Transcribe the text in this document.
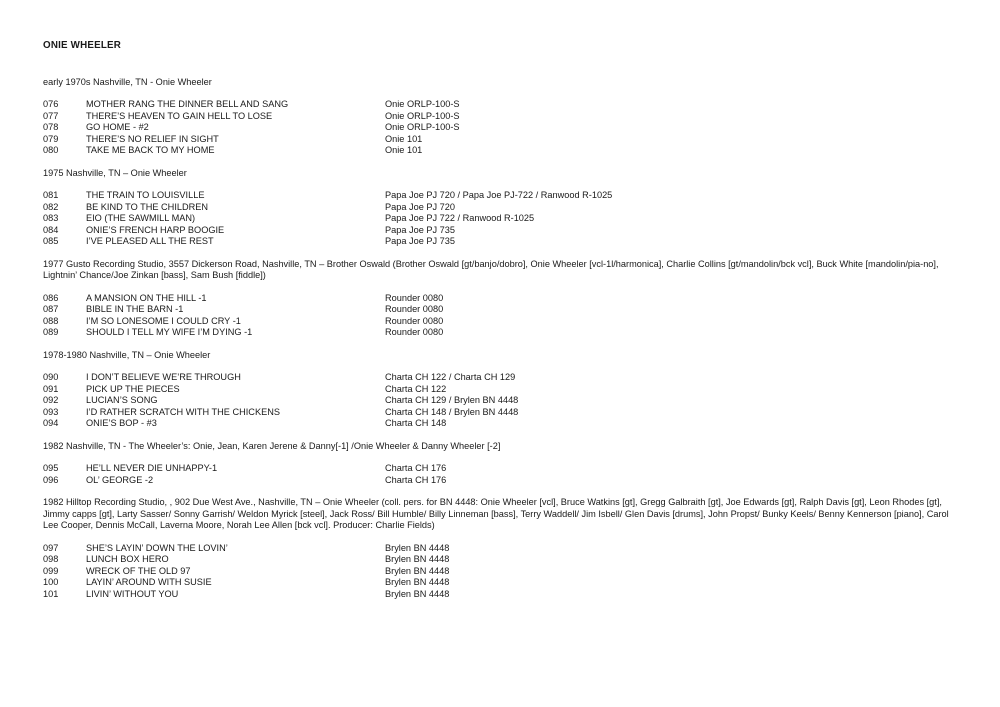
ONIE WHEELER
early 1970s Nashville, TN - Onie Wheeler
076	MOTHER RANG THE DINNER BELL AND SANG	Onie ORLP-100-S
077	THERE’S HEAVEN TO GAIN HELL TO LOSE	Onie ORLP-100-S
078	GO HOME - #2	Onie ORLP-100-S
079	THERE’S NO RELIEF IN SIGHT	Onie 101
080	TAKE ME BACK TO MY HOME	Onie 101
1975 Nashville, TN – Onie Wheeler
081	THE TRAIN TO LOUISVILLE	Papa Joe PJ 720 / Papa Joe PJ-722 / Ranwood R-1025
082	BE KIND TO THE CHILDREN	Papa Joe PJ 720
083	EIO (THE SAWMILL MAN)	Papa Joe PJ 722 / Ranwood R-1025
084	ONIE’S FRENCH HARP BOOGIE	Papa Joe PJ 735
085	I’VE PLEASED ALL THE REST	Papa Joe PJ 735
1977 Gusto Recording Studio, 3557 Dickerson Road, Nashville, TN – Brother Oswald (Brother Oswald [gt/banjo/dobro], Onie Wheeler [vcl-1l/harmonica], Charlie Collins [gt/mandolin/bck vcl], Buck White [mandolin/pia-no], Lightnin’ Chance/Joe Zinkan [bass], Sam Bush [fiddle])
086	A MANSION ON THE HILL -1	Rounder 0080
087	BIBLE IN THE BARN -1	Rounder 0080
088	I’M SO LONESOME I COULD CRY -1	Rounder 0080
089	SHOULD I TELL MY WIFE I’M DYING -1	Rounder 0080
1978-1980 Nashville, TN – Onie Wheeler
090	I DON’T BELIEVE WE’RE THROUGH	Charta CH 122 / Charta CH 129
091	PICK UP THE PIECES	Charta CH 122
092	LUCIAN’S SONG	Charta CH 129 / Brylen BN 4448
093	I’D RATHER SCRATCH WITH THE CHICKENS	Charta CH 148 / Brylen BN 4448
094	ONIE’S BOP - #3	Charta CH 148
1982 Nashville, TN - The Wheeler’s: Onie, Jean, Karen Jerene & Danny[-1] /Onie Wheeler & Danny Wheeler [-2]
095	HE’LL NEVER DIE UNHAPPY-1	Charta CH 176
096	OL’ GEORGE -2	Charta CH 176
1982 Hilltop Recording Studio, , 902 Due West Ave., Nashville, TN – Onie Wheeler (coll. pers. for BN 4448: Onie Wheeler [vcl], Bruce Watkins [gt], Gregg Galbraith [gt], Joe Edwards [gt], Ralph Davis [gt], Leon Rhodes [gt], Jimmy capps [gt], Larty Sasser/ Sonny Garrish/ Weldon Myrick [steel], Jack Ross/ Bill Humble/ Billy Linneman [bass], Terry Waddell/ Jim Isbell/ Glen Davis [drums], John Propst/ Bunky Keels/ Benny Kennerson [piano], Carol Lee Cooper, Dennis McCall, Laverna Moore, Norah Lee Allen [bck vcl]. Producer: Charlie Fields)
097	SHE’S LAYIN’ DOWN THE LOVIN’	Brylen BN 4448
098	LUNCH BOX HERO	Brylen BN 4448
099	WRECK OF THE OLD 97	Brylen BN 4448
100	LAYIN’ AROUND WITH SUSIE	Brylen BN 4448
101	LIVIN’ WITHOUT YOU	Brylen BN 4448
